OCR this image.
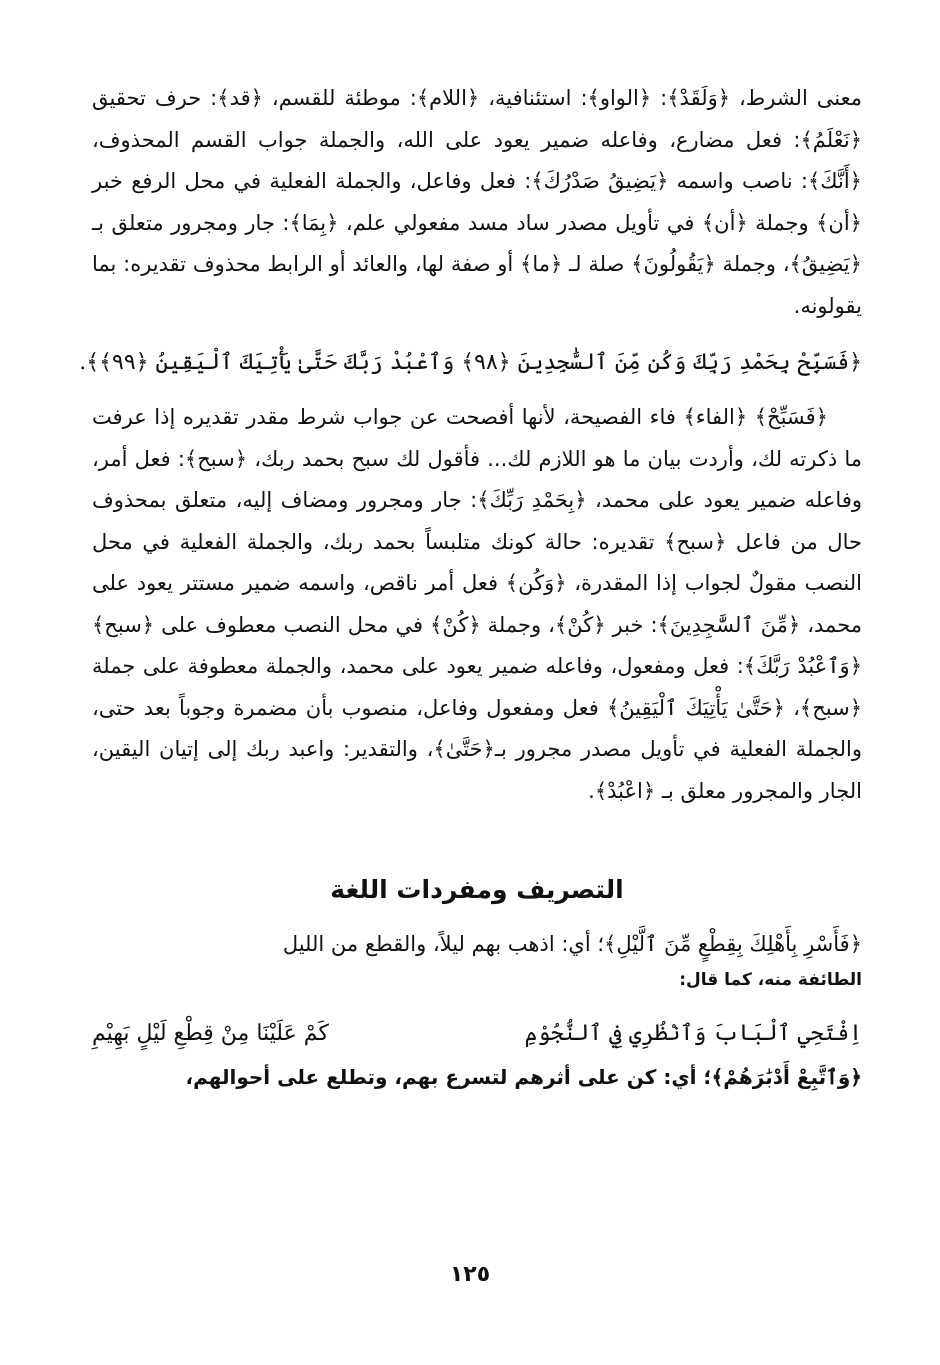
معنى الشرط، ﴿وَلَقَدْ﴾: ﴿الواو﴾: استئنافية، ﴿اللام﴾: موطئة للقسم، ﴿قد﴾: حرف تحقيق ﴿نَعْلَمُ﴾: فعل مضارع، وفاعله ضمير يعود على الله، والجملة جواب القسم المحذوف، ﴿أَنَّكَ﴾: ناصب واسمه ﴿يَضِيقُ صَدْرُكَ﴾: فعل وفاعل، والجملة الفعلية في محل الرفع خبر ﴿أن﴾ وجملة ﴿أن﴾ في تأويل مصدر ساد مسد مفعولي علم، ﴿بِمَا﴾: جار ومجرور متعلق بـ ﴿يَضِيقُ﴾، وجملة ﴿يَقُولُونَ﴾ صلة لـ ﴿ما﴾ أو صفة لها، والعائد أو الرابط محذوف تقديره: بما يقولونه.

﴿فَسَبِّحْ بِحَمْدِ رَبِّكَ وَكُن مِّنَ ٱلسَّٰجِدِينَ ﴿٩٨﴾ وَٱعْبُدْ رَبَّكَ حَتَّىٰ يَأْتِيَكَ ٱلْيَقِينُ ﴿٩٩﴾﴾.

﴿فَسَبِّحْ﴾ ﴿الفاء﴾ فاء الفصيحة، لأنها أفصحت عن جواب شرط مقدر تقديره إذا عرفت ما ذكرته لك، وأردت بيان ما هو اللازم لك... فأقول لك سبح بحمد ربك، ﴿سبح﴾: فعل أمر، وفاعله ضمير يعود على محمد، ﴿بِحَمْدِ رَبِّكَ﴾: جار ومجرور ومضاف إليه، متعلق بمحذوف حال من فاعل ﴿سبح﴾ تقديره: حالة كونك متلبساً بحمد ربك، والجملة الفعلية في محل النصب مقولٌ لجواب إذا المقدرة، ﴿وَكُن﴾ فعل أمر ناقص، واسمه ضمير مستتر يعود على محمد، ﴿مِّنَ ٱلسَّٰجِدِينَ﴾: خبر ﴿كُنْ﴾، وجملة ﴿كُنْ﴾ في محل النصب معطوف على ﴿سبح﴾ ﴿وَٱعْبُدْ رَبَّكَ﴾: فعل ومفعول، وفاعله ضمير يعود على محمد، والجملة معطوفة على جملة ﴿سبح﴾، ﴿حَتَّىٰ يَأْتِيَكَ ٱلْيَقِينُ﴾ فعل ومفعول وفاعل، منصوب بأن مضمرة وجوباً بعد حتى، والجملة الفعلية في تأويل مصدر مجرور بـ﴿حَتَّىٰ﴾، والتقدير: واعبد ربك إلى إتيان اليقين، الجار والمجرور معلق بـ ﴿اعْبُدْ﴾.

التصريف ومفردات اللغة

﴿فَأَسْرِ بِأَهْلِكَ بِقِطْعٍ مِّنَ ٱلَّيْلِ﴾؛ أي: اذهب بهم ليلاً، والقطع من الليل

الطائفة منه، كما قال:

اِفْتَحِي ٱلْبَابَ وَٱنْظُرِي فِي ٱلنُّجُوْمِ
كَمْ عَلَيْنَا مِنْ قِطْعِ لَيْلٍ بَهِيْمِ

﴿وَٱتَّبِعْ أَدْبَٰرَهُمْ﴾؛ أي: كن على أثرهم لتسرع بهم، وتطلع على أحوالهم،

١٢٥
